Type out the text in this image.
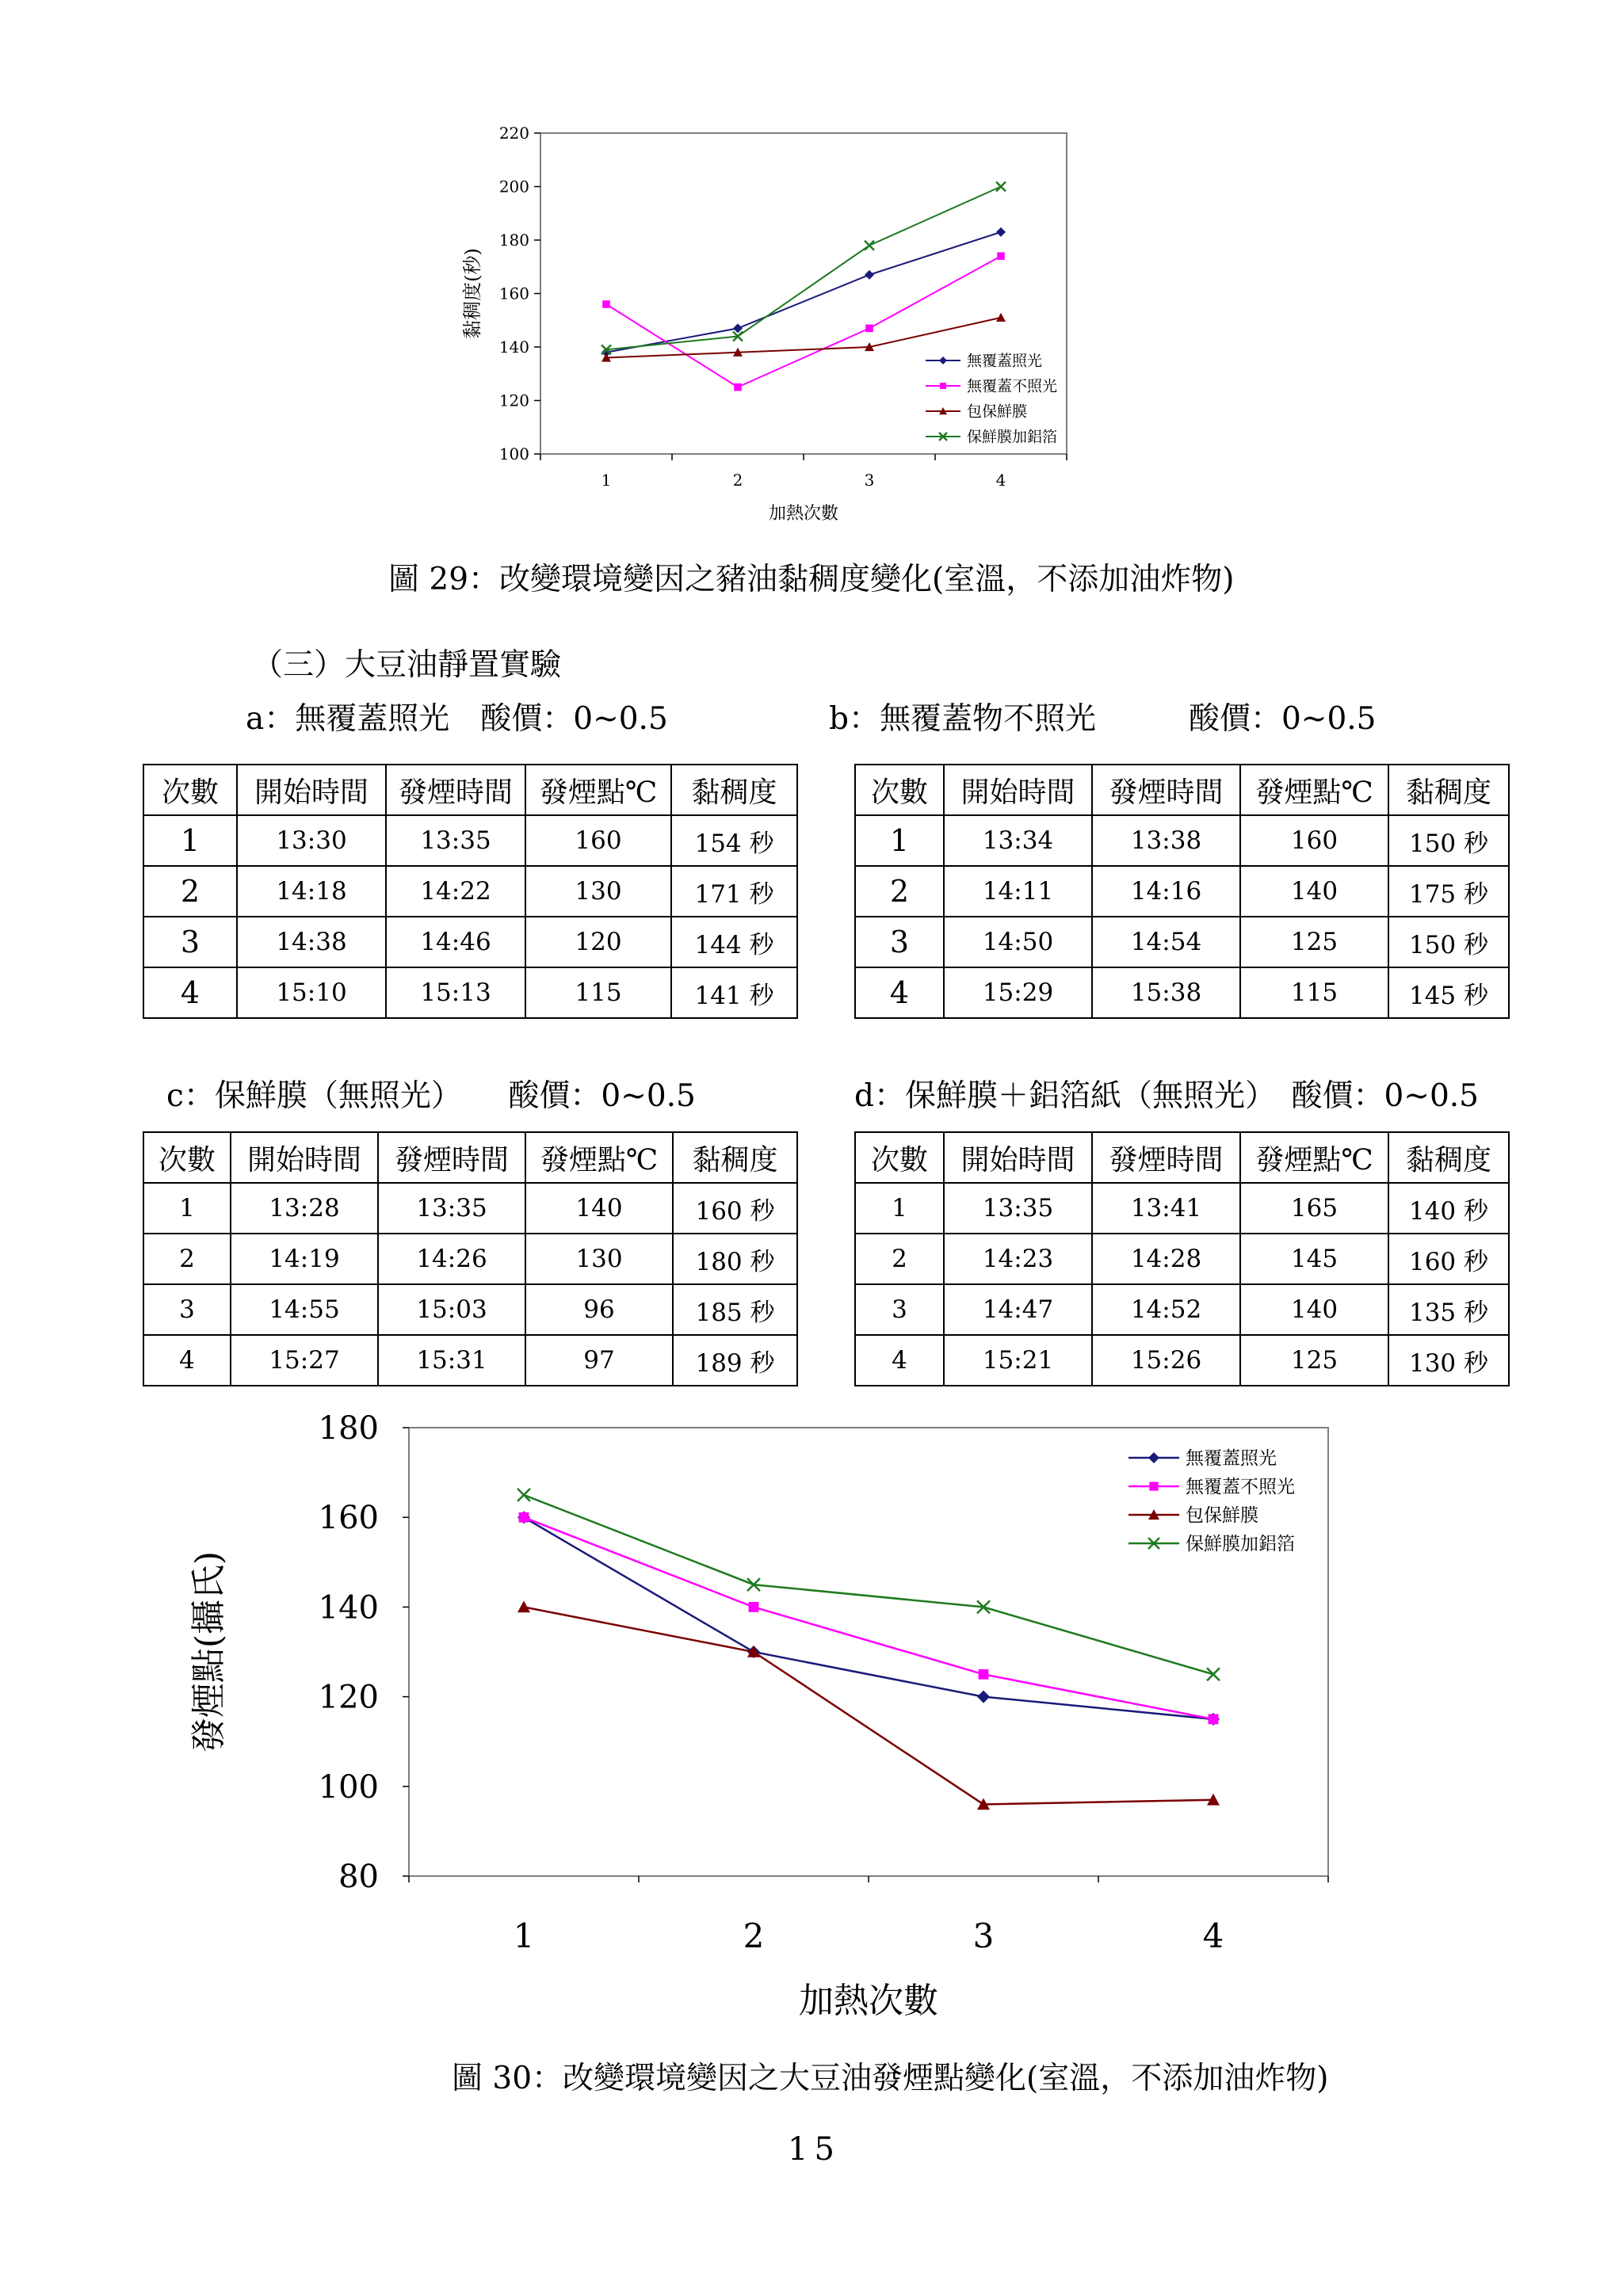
100
120
140
160
180
200
220
1	2	3	4
加熱次數
黏稠度(秒)
無覆蓋照光
無覆蓋不照光
包保鮮膜
保鮮膜加鋁箔
圖 29：改變環境變因之豬油黏稠度變化(室溫，不添加油炸物)
（三）大豆油靜置實驗
a：無覆蓋照光　酸價：0~0.5
次數	開始時間	發煙時間	發煙點℃	黏稠度
1	13:30	13:35	160	154 秒
2	14:18	14:22	130	171 秒
3	14:38	14:46	120	144 秒
4	15:10	15:13	115	141 秒
b：無覆蓋物不照光　　　酸價：0~0.5
次數	開始時間	發煙時間	發煙點℃	黏稠度
1	13:34	13:38	160	150 秒
2	14:11	14:16	140	175 秒
3	14:50	14:54	125	150 秒
4	15:29	15:38	115	145 秒
c：保鮮膜（無照光）　　酸價：0~0.5
次數	開始時間	發煙時間	發煙點℃	黏稠度
1	13:28	13:35	140	160 秒
2	14:19	14:26	130	180 秒
3	14:55	15:03	96	185 秒
4	15:27	15:31	97	189 秒
d：保鮮膜＋鋁箔紙（無照光）　酸價：0~0.5
次數	開始時間	發煙時間	發煙點℃	黏稠度
1	13:35	13:41	165	140 秒
2	14:23	14:28	145	160 秒
3	14:47	14:52	140	135 秒
4	15:21	15:26	125	130 秒
80
100
120
140
160
180
1	2	3	4
加熱次數
發煙點(攝氏)
無覆蓋照光
無覆蓋不照光
包保鮮膜
保鮮膜加鋁箔
圖 30：改變環境變因之大豆油發煙點變化(室溫，不添加油炸物)
15
